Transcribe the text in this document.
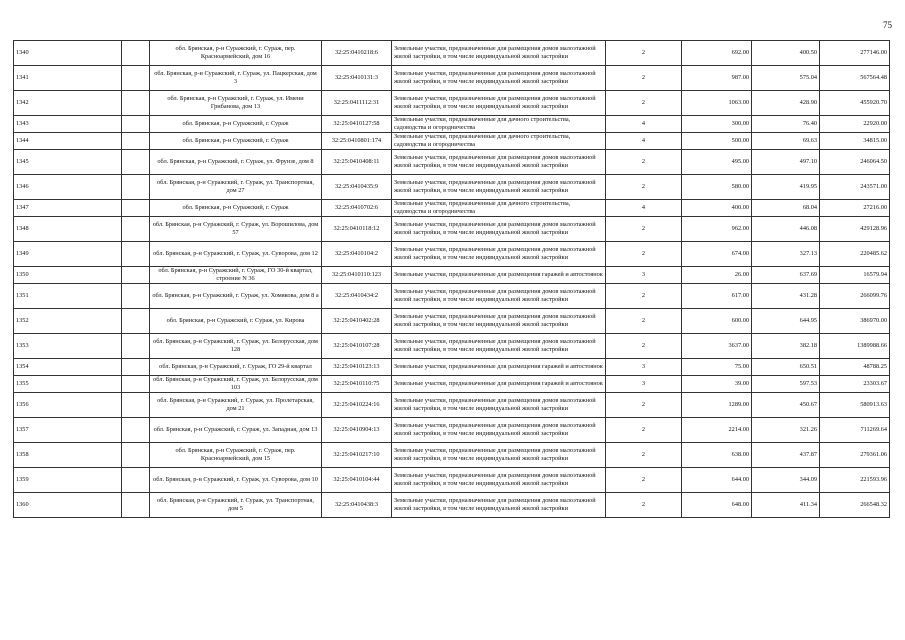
75
1340		обл. Брянская, р-н Суражский, г. Сураж, пер. Красноармейский, дом 16	32:25:0410218:6	Земельные участки, предназначенные для размещения домов малоэтажной жилой застройки, в том числе индивидуальной жилой застройки	2	692.00	400.50	277146.00
1341		обл. Брянская, р-н Суражский, г. Сураж, ул. Пацкерская, дом 3	32:25:0410131:3	Земельные участки, предназначенные для размещения домов малоэтажной жилой застройки, в том числе индивидуальной жилой застройки	2	987.00	575.04	567564.48
1342		обл. Брянская, р-н Суражский, г. Сураж, ул. Имени Грибанова, дом 13	32:25:0411112:31	Земельные участки, предназначенные для размещения домов малоэтажной жилой застройки, в том числе индивидуальной жилой застройки	2	1063.00	428.90	455920.70
1343		обл. Брянская, р-н Суражский, г. Сураж	32:25:0410127:58	Земельные участки, предназначенные для дачного строительства, садоводства и огородничества	4	300.00	76.40	22920.00
1344		обл. Брянская, р-н Суражский, г. Сураж	32:25:0410801:174	Земельные участки, предназначенные для дачного строительства, садоводства и огородничества	4	500.00	69.63	34815.00
1345		обл. Брянская, р-н Суражский, г. Сураж, ул. Фрунзе, дом 8	32:25:0410408:11	Земельные участки, предназначенные для размещения домов малоэтажной жилой застройки, в том числе индивидуальной жилой застройки	2	495.00	497.10	246064.50
1346		обл. Брянская, р-н Суражский, г. Сураж, ул. Транспортная, дом 27	32:25:0410435:9	Земельные участки, предназначенные для размещения домов малоэтажной жилой застройки, в том числе индивидуальной жилой застройки	2	580.00	419.95	243571.00
1347		обл. Брянская, р-н Суражский, г. Сураж	32:25:0410702:6	Земельные участки, предназначенные для дачного строительства, садоводства и огородничества	4	400.00	68.04	27216.00
1348		обл. Брянская, р-н Суражский, г. Сураж, ул. Ворошилова, дом 57	32:25:0410118:12	Земельные участки, предназначенные для размещения домов малоэтажной жилой застройки, в том числе индивидуальной жилой застройки	2	962.00	446.08	429128.96
1349		обл. Брянская, р-н Суражский, г. Сураж, ул. Суворова, дом 12	32:25:0410104:2	Земельные участки, предназначенные для размещения домов малоэтажной жилой застройки, в том числе индивидуальной жилой застройки	2	674.00	327.13	220485.62
1350		обл. Брянская, р-н Суражский, г. Сураж, ГО 30-й квартал, строение N 36	32:25:0410110:123	Земельные участки, предназначенные для размещения гаражей и автостоянок	3	26.00	637.69	16579.94
1351		обл. Брянская, р-н Суражский, г. Сураж, ул. Хомякова, дом 8 а	32:25:0410434:2	Земельные участки, предназначенные для размещения домов малоэтажной жилой застройки, в том числе индивидуальной жилой застройки	2	617.00	431.28	266099.76
1352		обл. Брянская, р-н Суражский, г. Сураж, ул. Кирова	32:25:0410402:28	Земельные участки, предназначенные для размещения домов малоэтажной жилой застройки, в том числе индивидуальной жилой застройки	2	600.00	644.95	386970.00
1353		обл. Брянская, р-н Суражский, г. Сураж, ул. Белорусская, дом 128	32:25:0410107:28	Земельные участки, предназначенные для размещения домов малоэтажной жилой застройки, в том числе индивидуальной жилой застройки	2	3637.00	382.18	1389988.66
1354		обл. Брянская, р-н Суражский, г. Сураж, ГО 29-й квартал	32:25:0410123:13	Земельные участки, предназначенные для размещения гаражей и автостоянок	3	75.00	650.51	48788.25
1355		обл. Брянская, р-н Суражский, г. Сураж, ул. Белорусская, дом 103	32:25:0410110:75	Земельные участки, предназначенные для размещения гаражей и автостоянок	3	39.00	597.53	23303.67
1356		обл. Брянская, р-н Суражский, г. Сураж, ул. Пролетарская, дом 21	32:25:0410224:16	Земельные участки, предназначенные для размещения домов малоэтажной жилой застройки, в том числе индивидуальной жилой застройки	2	1289.00	450.67	580913.63
1357		обл. Брянская, р-н Суражский, г. Сураж, ул. Западная, дом 13	32:25:0410904:13	Земельные участки, предназначенные для размещения домов малоэтажной жилой застройки, в том числе индивидуальной жилой застройки	2	2214.00	321.26	711269.64
1358		обл. Брянская, р-н Суражский, г. Сураж, пер. Красноармейский, дом 15	32:25:0410217:10	Земельные участки, предназначенные для размещения домов малоэтажной жилой застройки, в том числе индивидуальной жилой застройки	2	638.00	437.87	279361.06
1359		обл. Брянская, р-н Суражский, г. Сураж, ул. Суворова, дом 10	32:25:0410104:44	Земельные участки, предназначенные для размещения домов малоэтажной жилой застройки, в том числе индивидуальной жилой застройки	2	644.00	344.09	221593.96
1360		обл. Брянская, р-н Суражский, г. Сураж, ул. Транспортная, дом 5	32:25:0410438:3	Земельные участки, предназначенные для размещения домов малоэтажной жилой застройки, в том числе индивидуальной жилой застройки	2	648.00	411.34	266548.32
